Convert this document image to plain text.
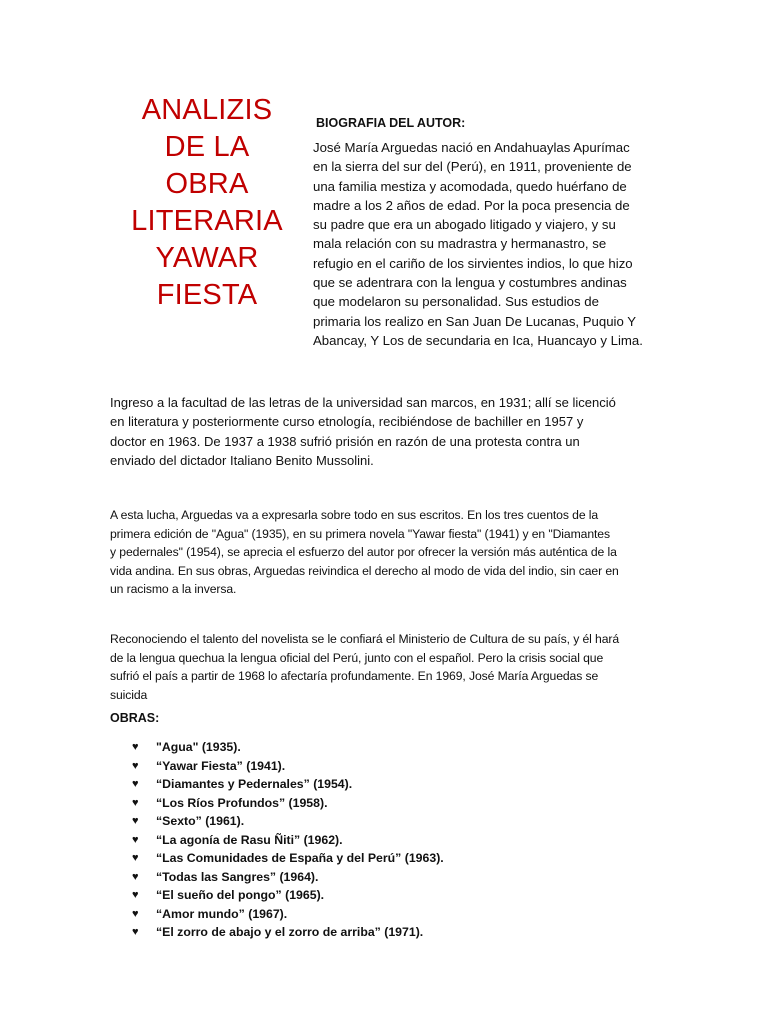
ANALIZIS
DE LA
OBRA
LITERARIA
YAWAR
FIESTA
BIOGRAFIA DEL AUTOR:
José María Arguedas nació en Andahuaylas Apurímac
en la sierra del sur del (Perú), en 1911, proveniente de
una familia mestiza y acomodada, quedo huérfano de
madre a los 2 años de edad. Por la poca presencia de
su padre que era un abogado litigado y viajero, y su
mala relación con su madrastra y hermanastro, se
refugio en el cariño de los sirvientes indios, lo que hizo
que se adentrara con la lengua y costumbres andinas
que modelaron su personalidad. Sus estudios de
primaria los realizo en San Juan De Lucanas, Puquio Y
Abancay, Y Los de secundaria en Ica, Huancayo y Lima.
Ingreso a la facultad de las letras de la universidad san marcos, en 1931; allí se licenció
en literatura y posteriormente curso etnología, recibiéndose de bachiller en 1957 y
doctor en 1963. De 1937 a 1938 sufrió prisión en razón de una protesta contra un
enviado del dictador Italiano Benito Mussolini.
A esta lucha, Arguedas va a expresarla sobre todo en sus escritos. En los tres cuentos de la
primera edición de "Agua" (1935), en su primera novela "Yawar fiesta" (1941) y en "Diamantes
y pedernales" (1954), se aprecia el esfuerzo del autor por ofrecer la versión más auténtica de la
vida andina. En sus obras, Arguedas reivindica el derecho al modo de vida del indio, sin caer en
un racismo a la inversa.
Reconociendo el talento del novelista se le confiará el Ministerio de Cultura de su país, y él hará
de la lengua quechua la lengua oficial del Perú, junto con el español. Pero la crisis social que
sufrió el país a partir de 1968 lo afectaría profundamente. En 1969, José María Arguedas se
suicida
OBRAS:
♥	"Agua" (1935).
♥	“Yawar Fiesta” (1941).
♥	“Diamantes y Pedernales” (1954).
♥	“Los Ríos Profundos” (1958).
♥	“Sexto” (1961).
♥	“La agonía de Rasu Ñiti” (1962).
♥	“Las Comunidades de España y del Perú” (1963).
♥	“Todas las Sangres” (1964).
♥	“El sueño del pongo” (1965).
♥	“Amor mundo” (1967).
♥	“El zorro de abajo y el zorro de arriba” (1971).
